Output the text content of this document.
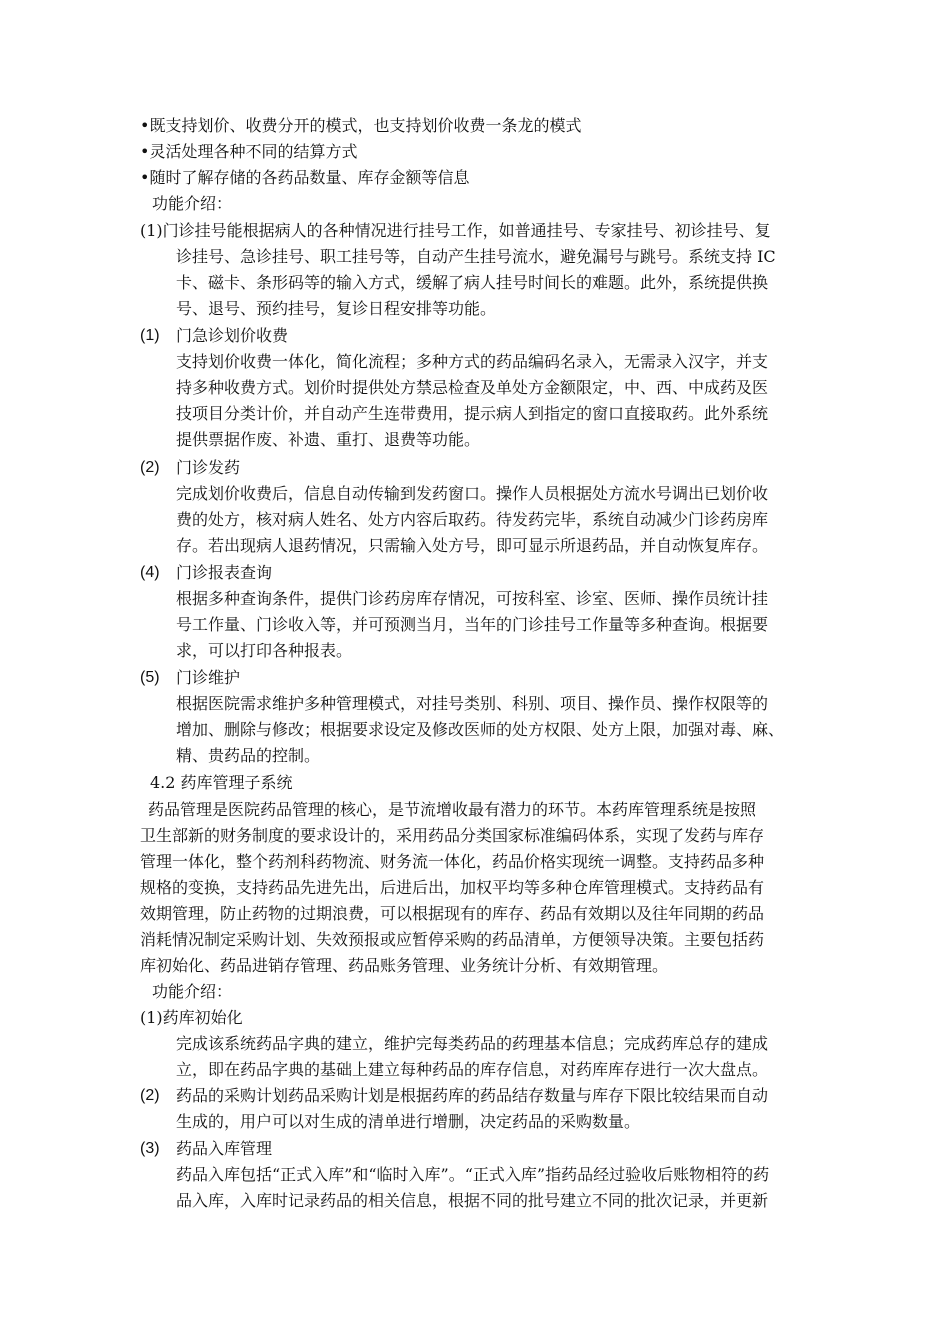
•既支持划价、收费分开的模式，也支持划价收费一条龙的模式
•灵活处理各种不同的结算方式
•随时了解存储的各药品数量、库存金额等信息
功能介绍：
(1)门诊挂号能根据病人的各种情况进行挂号工作，如普通挂号、专家挂号、初诊挂号、复
诊挂号、急诊挂号、职工挂号等，自动产生挂号流水，避免漏号与跳号。系统支持 IC
卡、磁卡、条形码等的输入方式，缓解了病人挂号时间长的难题。此外，系统提供换
号、退号、预约挂号，复诊日程安排等功能。
(1) 门急诊划价收费
支持划价收费一体化，简化流程；多种方式的药品编码名录入，无需录入汉字，并支
持多种收费方式。划价时提供处方禁忌检查及单处方金额限定，中、西、中成药及医
技项目分类计价，并自动产生连带费用，提示病人到指定的窗口直接取药。此外系统
提供票据作废、补遗、重打、退费等功能。
(2) 门诊发药
完成划价收费后，信息自动传输到发药窗口。操作人员根据处方流水号调出已划价收
费的处方，核对病人姓名、处方内容后取药。待发药完毕，系统自动减少门诊药房库
存。若出现病人退药情况，只需输入处方号，即可显示所退药品，并自动恢复库存。
(4) 门诊报表查询
根据多种查询条件，提供门诊药房库存情况，可按科室、诊室、医师、操作员统计挂
号工作量、门诊收入等，并可预测当月，当年的门诊挂号工作量等多种查询。根据要
求，可以打印各种报表。
(5) 门诊维护
根据医院需求维护多种管理模式，对挂号类别、科别、项目、操作员、操作权限等的
增加、删除与修改；根据要求设定及修改医师的处方权限、处方上限，加强对毒、麻、
精、贵药品的控制。
4.2 药库管理子系统
药品管理是医院药品管理的核心，是节流增收最有潜力的环节。本药库管理系统是按照
卫生部新的财务制度的要求设计的，采用药品分类国家标准编码体系，实现了发药与库存
管理一体化，整个药剂科药物流、财务流一体化，药品价格实现统一调整。支持药品多种
规格的变换，支持药品先进先出，后进后出，加权平均等多种仓库管理模式。支持药品有
效期管理，防止药物的过期浪费，可以根据现有的库存、药品有效期以及往年同期的药品
消耗情况制定采购计划、失效预报或应暂停采购的药品清单，方便领导决策。主要包括药
库初始化、药品进销存管理、药品账务管理、业务统计分析、有效期管理。
功能介绍：
(1)药库初始化
完成该系统药品字典的建立，维护完每类药品的药理基本信息；完成药库总存的建成
立，即在药品字典的基础上建立每种药品的库存信息，对药库库存进行一次大盘点。
(2) 药品的采购计划药品采购计划是根据药库的药品结存数量与库存下限比较结果而自动
生成的，用户可以对生成的清单进行增删，决定药品的采购数量。
(3) 药品入库管理
药品入库包括“正式入库”和“临时入库”。“正式入库”指药品经过验收后账物相符的药
品入库，入库时记录药品的相关信息，根据不同的批号建立不同的批次记录，并更新
